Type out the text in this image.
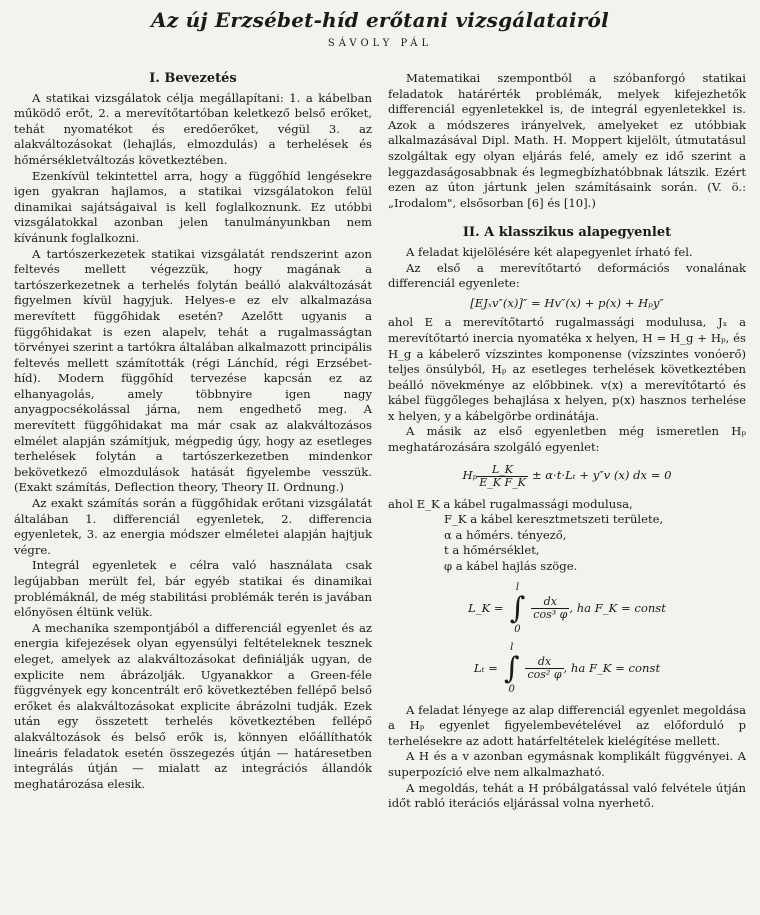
Az új Erzsébet-híd erőtani vizsgálatairól
SÁVOLY PÁL
I. Bevezetés

A statikai vizsgálatok célja megállapítani: 1. a kábelban működő erőt, 2. a merevítőtartóban keletkező belső erőket, tehát nyomatékot és eredőerőket, végül 3. az alakváltozásokat (lehajlás, elmozdulás) a terhelések és hőmérsékletváltozás következtében.

Ezenkívül tekintettel arra, hogy a függőhíd lengésekre igen gyakran hajlamos, a statikai vizsgálatokon felül dinamikai sajátságaival is kell foglalkoznunk. Ez utóbbi vizsgálatokkal azonban jelen tanulmányunkban nem kívánunk foglalkozni.

A tartószerkezetek statikai vizsgálatát rendszerint azon feltevés mellett végezzük, hogy magának a tartószerkezetnek a terhelés folytán beálló alakváltozását figyelmen kívül hagyjuk. Helyes-e ez elv alkalmazása merevített függőhidak esetén? Azelőtt ugyanis a függőhidakat is ezen alapelv, tehát a rugalmasságtan törvényei szerint a tartókra általában alkalmazott principális feltevés mellett számították (régi Lánchíd, régi Erzsébet-híd). Modern függőhíd tervezése kapcsán ez az elhanyagolás, amely többnyire igen nagy anyagpocsékolással járna, nem engedhető meg. A merevített függőhidakat ma már csak az alakváltozásos elmélet alapján számítjuk, mégpedig úgy, hogy az esetleges terhelések folytán a tartószerkezetben mindenkor bekövetkező elmozdulások hatását figyelembe vesszük. (Exakt számítás, Deflection theory, Theory II. Ordnung.)

Az exakt számítás során a függőhidak erőtani vizsgálatát általában 1. differenciál egyenletek, 2. differencia egyenletek, 3. az energia módszer elméletei alapján hajtjuk végre.

Integrál egyenletek e célra való használata csak legújabban merült fel, bár egyéb statikai és dinamikai problémáknál, de még stabilitási problémák terén is javában előnyösen éltünk velük.

A mechanika szempontjából a differenciál egyenlet és az energia kifejezések olyan egyensúlyi feltételeknek tesznek eleget, amelyek az alakváltozásokat definiálják ugyan, de explicite nem ábrázolják. Ugyanakkor a Green-féle függvények egy koncentrált erő következtében fellépő belső erőket és alakváltozásokat explicite ábrázolni tudják. Ezek után egy összetett terhelés következtében fellépő alakváltozások és belső erők is, könnyen előállíthatók lineáris feladatok esetén összegezés útján — határesetben integrálás útján — mialatt az integrációs állandók meghatározása elesik.

Matematikai szempontból a szóbanforgó statikai feladatok határérték problémák, melyek kifejezhetők differenciál egyenletekkel is, de integrál egyenletekkel is. Azok a módszeres irányelvek, amelyeket ez utóbbiak alkalmazásával Dipl. Math. H. Moppert kijelölt, útmutatásul szolgáltak egy olyan eljárás felé, amely ez idő szerint a leggazdaságosabbnak és legmegbízhatóbbnak látszik. Ezért ezen az úton jártunk jelen számításaink során. (V. ö.: „Irodalom", elsősorban [6] és [10].)

II. A klasszikus alapegyenlet

A feladat kijelölésére két alapegyenlet írható fel.

Az első a merevítőtartó deformációs vonalának differenciál egyenlete:

[EJₓv″(x)]″ = Hv″(x) + p(x) + Hₚy″

ahol E a merevítőtartó rugalmassági modulusa, Jₓ a merevítőtartó inercia nyomatéka x helyen, H = H_g + Hₚ, és H_g a kábelerő vízszintes komponense (vízszintes vonóerő) teljes önsúlyból, Hₚ az esetleges terhelések következtében beálló növekménye az előbbinek. v(x) a merevítőtartó és kábel függőleges behajlása x helyen, p(x) hasznos terhelése x helyen, y a kábelgörbe ordinátája.

A másik az első egyenletben még ismeretlen Hₚ meghatározására szolgáló egyenlet:

Hₚ $\frac{L\_K}{\text{E\_K F\_K}} \pm \alpha\cdot t\cdot L_t + y''v$ (x) dx = 0
ahol E_K a kábel rugalmassági modulusa,
F_K a kábel keresztmetszeti területe,
α a hőmérs. tényező,
t a hőmérséklet,
φ a kábel hajlás szöge.
L_K =
l
∫
0
$\frac{dx}{\text{cos³ φ}}$ , ha F_K = const
Lₜ =
l
∫
0
$\frac{dx}{\text{cos² φ}}$ , ha F_K = const

A feladat lényege az alap differenciál egyenlet megoldása a Hₚ egyenlet figyelembevételével az előforduló p terhelésekre az adott határfeltételek kielégítése mellett.

A H és a v azonban egymásnak komplikált függvényei. A superpozíció elve nem alkalmazható.

A megoldás, tehát a H próbálgatással való felvétele útján időt rabló iterációs eljárással volna nyerhető.
